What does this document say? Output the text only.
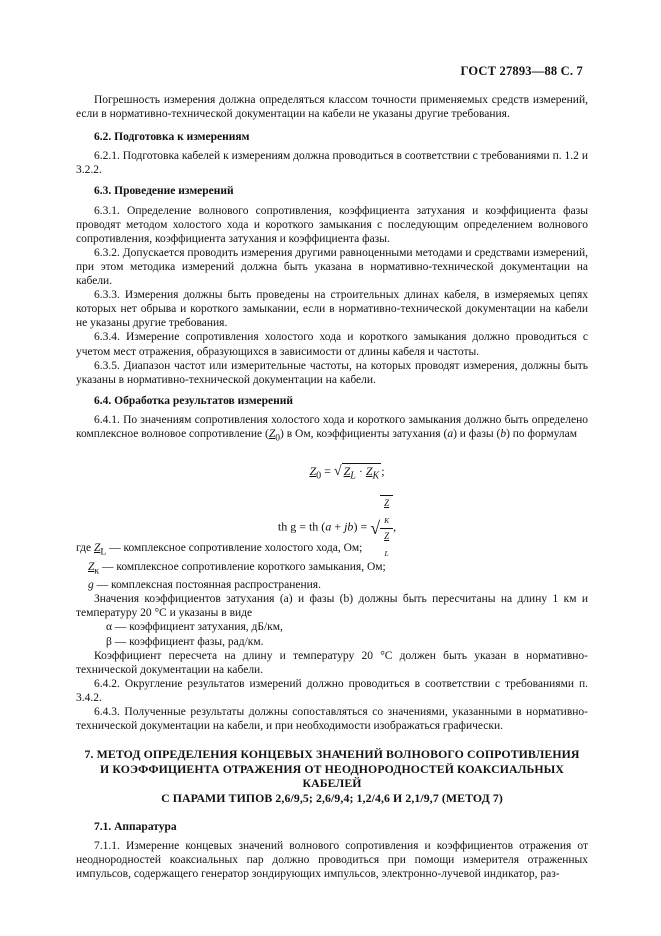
ГОСТ 27893—88 С. 7

Погрешность измерения должна определяться классом точности применяемых средств измерений, если в нормативно-технической документации на кабели не указаны другие требования.

6.2. Подготовка к измерениям

6.2.1. Подготовка кабелей к измерениям должна проводиться в соответствии с требованиями п. 1.2 и 3.2.2.

6.3. Проведение измерений

6.3.1. Определение волнового сопротивления, коэффициента затухания и коэффициента фазы проводят методом холостого хода и короткого замыкания с последующим определением волнового сопротивления, коэффициента затухания и коэффициента фазы.

6.3.2. Допускается проводить измерения другими равноценными методами и средствами измерений, при этом методика измерений должна быть указана в нормативно-технической документации на кабели.

6.3.3. Измерения должны быть проведены на строительных длинах кабеля, в измеряемых цепях которых нет обрыва и короткого замыкании, если в нормативно-технической документации на кабели не указаны другие требования.

6.3.4. Измерение сопротивления холостого хода и короткого замыкания должно проводиться с учетом мест отражения, образующихся в зависимости от длины кабеля и частоты.

6.3.5. Диапазон частот или измерительные частоты, на которых проводят измерения, должны быть указаны в нормативно-технической документации на кабели.

6.4. Обработка результатов измерений

6.4.1. По значениям сопротивления холостого хода и короткого замыкания должно быть определено комплексное волновое сопротивление $(Z_0)$ в Ом, коэффициенты затухания (a) и фазы (b) по формулам

$Z_0$ = √ $Z_L \cdot Z_K$ ;
th g = th (a + jb) = √ Z
$_K$
Z
$_L$ ,

где $Z_L$ — комплексное сопротивление холостого хода, Ом;

$Z_к$ — комплексное сопротивление короткого замыкания, Ом;

g — комплексная постоянная распространения.

Значения коэффициентов затухания (a) и фазы (b) должны быть пересчитаны на длину 1 км и температуру 20 °С и указаны в виде

α — коэффициент затухания, дБ/км,

β — коэффициент фазы, рад/км.

Коэффициент пересчета на длину и температуру 20 °С должен быть указан в нормативно-технической документации на кабели.

6.4.2. Округление результатов измерений должно проводиться в соответствии с требованиями п. 3.4.2.

6.4.3. Полученные результаты должны сопоставляться со значениями, указанными в нормативно-технической документации на кабели, и при необходимости изображаться графически.

7. МЕТОД ОПРЕДЕЛЕНИЯ КОНЦЕВЫХ ЗНАЧЕНИЙ ВОЛНОВОГО СОПРОТИВЛЕНИЯ
И КОЭФФИЦИЕНТА ОТРАЖЕНИЯ ОТ НЕОДНОРОДНОСТЕЙ КОАКСИАЛЬНЫХ КАБЕЛЕЙ
С ПАРАМИ ТИПОВ 2,6/9,5; 2,6/9,4; 1,2/4,6 И 2,1/9,7 (МЕТОД 7)
7.1. Аппаратура

7.1.1. Измерение концевых значений волнового сопротивления и коэффициентов отражения от неоднородностей коаксиальных пар должно проводиться при помощи измерителя отраженных импульсов, содержащего генератор зондирующих импульсов, электронно-лучевой индикатор, раз-
